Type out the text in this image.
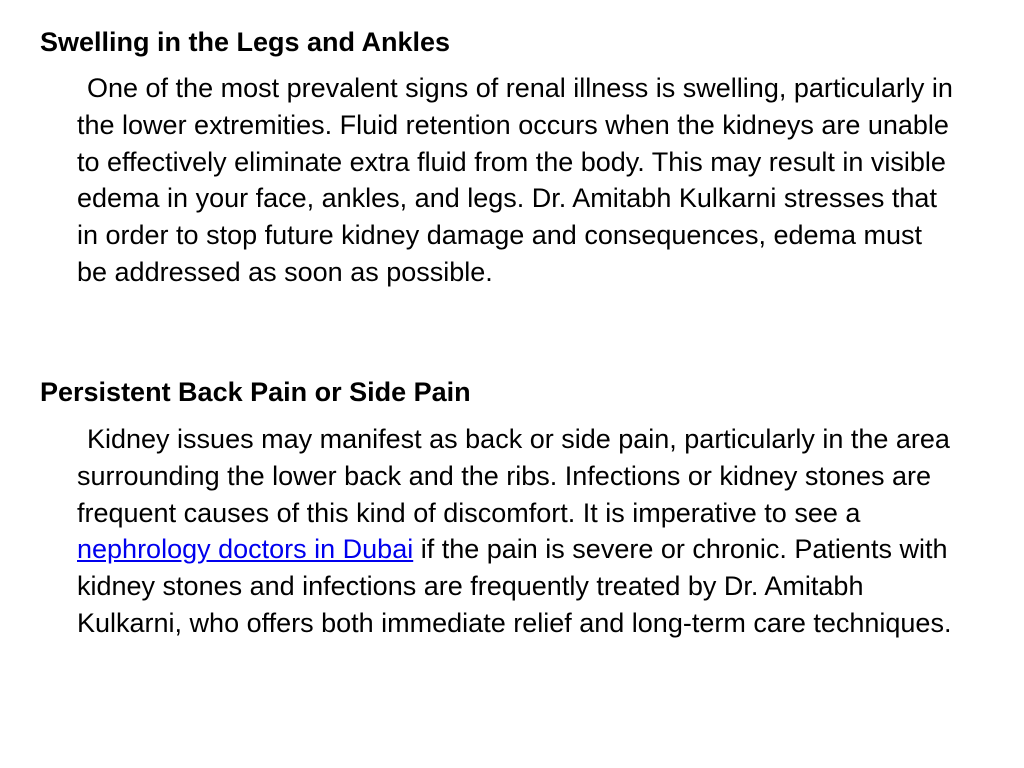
Swelling in the Legs and Ankles

One of the most prevalent signs of renal illness is swelling, particularly in the lower extremities. Fluid retention occurs when the kidneys are unable to effectively eliminate extra fluid from the body. This may result in visible edema in your face, ankles, and legs. Dr. Amitabh Kulkarni stresses that in order to stop future kidney damage and consequences, edema must be addressed as soon as possible.

Persistent Back Pain or Side Pain

Kidney issues may manifest as back or side pain, particularly in the area surrounding the lower back and the ribs. Infections or kidney stones are frequent causes of this kind of discomfort. It is imperative to see a nephrology doctors in Dubai if the pain is severe or chronic. Patients with kidney stones and infections are frequently treated by Dr. Amitabh Kulkarni, who offers both immediate relief and long-term care techniques.
